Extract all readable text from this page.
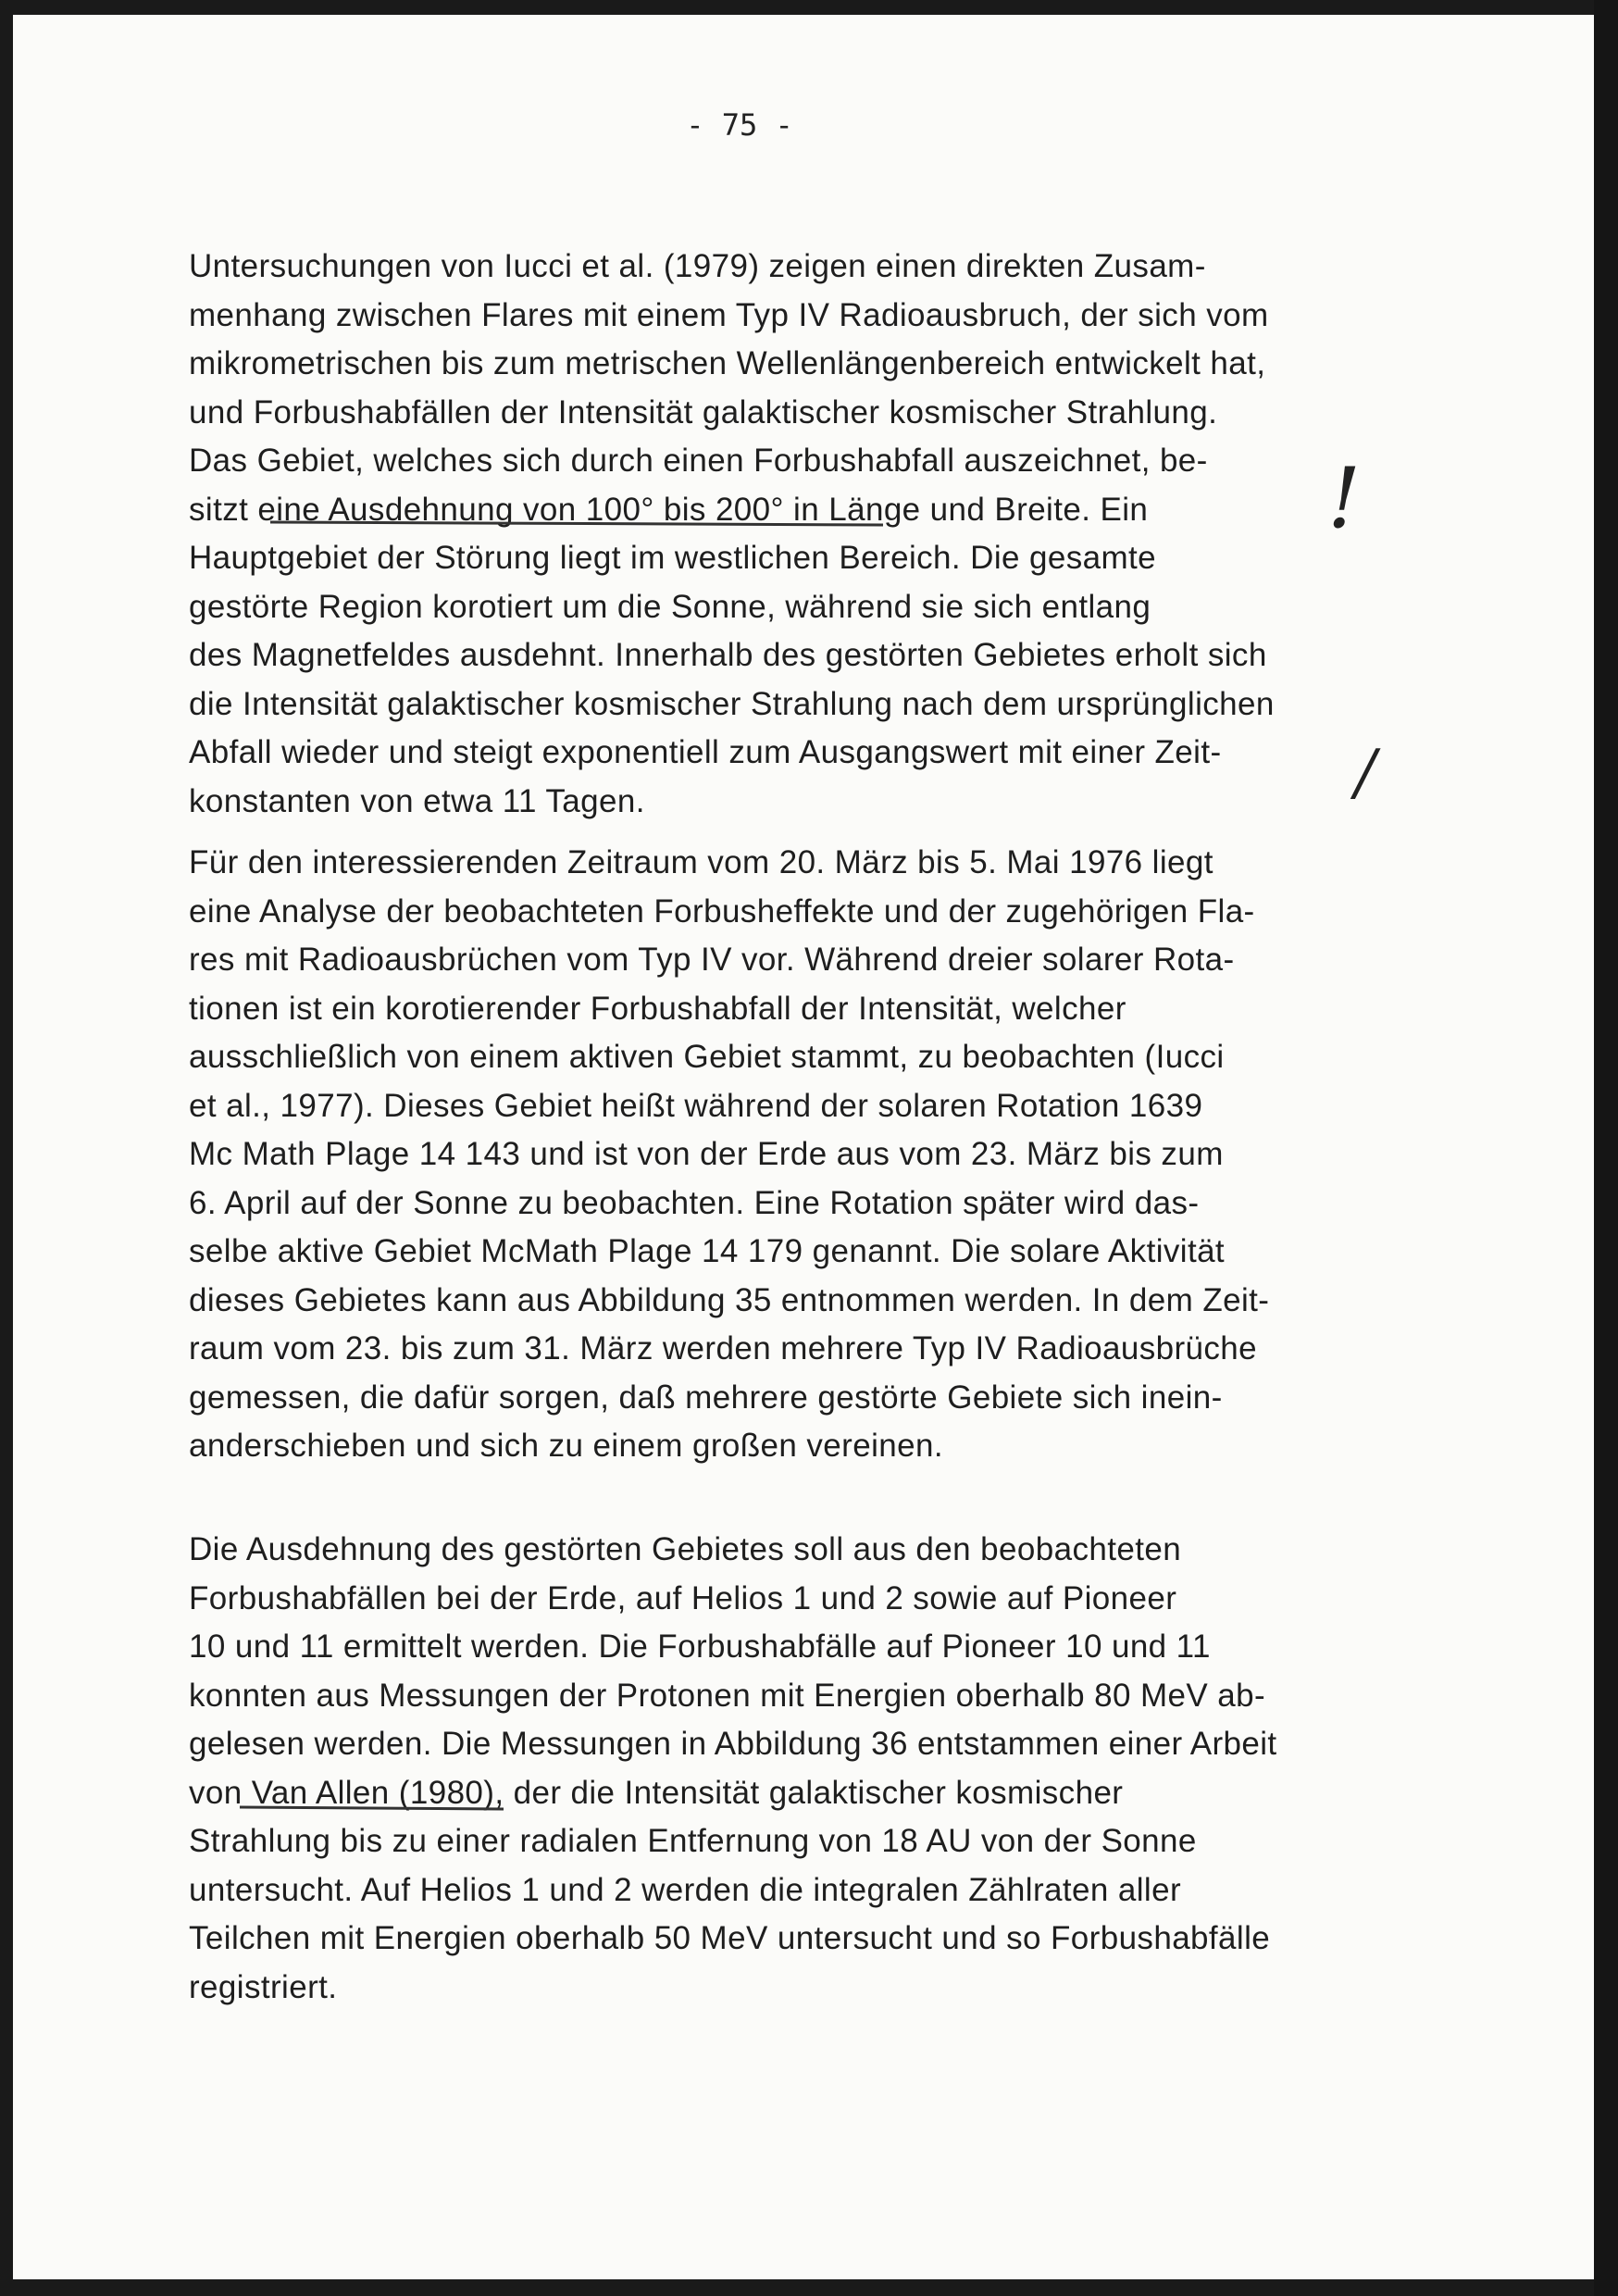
- 75 -
Untersuchungen von Iucci et al. (1979) zeigen einen direkten Zusam-
menhang zwischen Flares mit einem Typ IV Radioausbruch, der sich vom
mikrometrischen bis zum metrischen Wellenlängenbereich entwickelt hat,
und Forbushabfällen der Intensität galaktischer kosmischer Strahlung.
Das Gebiet, welches sich durch einen Forbushabfall auszeichnet, be-
sitzt eine Ausdehnung von 100° bis 200° in Länge und Breite. Ein
Hauptgebiet der Störung liegt im westlichen Bereich. Die gesamte
gestörte Region korotiert um die Sonne, während sie sich entlang
des Magnetfeldes ausdehnt. Innerhalb des gestörten Gebietes erholt sich
die Intensität galaktischer kosmischer Strahlung nach dem ursprünglichen
Abfall wieder und steigt exponentiell zum Ausgangswert mit einer Zeit-
konstanten von etwa 11 Tagen.
Für den interessierenden Zeitraum vom 20. März bis 5. Mai 1976 liegt
eine Analyse der beobachteten Forbusheffekte und der zugehörigen Fla-
res mit Radioausbrüchen vom Typ IV vor. Während dreier solarer Rota-
tionen ist ein korotierender Forbushabfall der Intensität, welcher
ausschließlich von einem aktiven Gebiet stammt, zu beobachten (Iucci
et al., 1977). Dieses Gebiet heißt während der solaren Rotation 1639
Mc Math Plage 14 143 und ist von der Erde aus vom 23. März bis zum
6. April auf der Sonne zu beobachten. Eine Rotation später wird das-
selbe aktive Gebiet McMath Plage 14 179 genannt. Die solare Aktivität
dieses Gebietes kann aus Abbildung 35 entnommen werden. In dem Zeit-
raum vom 23. bis zum 31. März werden mehrere Typ IV Radioausbrüche
gemessen, die dafür sorgen, daß mehrere gestörte Gebiete sich inein-
anderschieben und sich zu einem großen vereinen.
Die Ausdehnung des gestörten Gebietes soll aus den beobachteten
Forbushabfällen bei der Erde, auf Helios 1 und 2 sowie auf Pioneer
10 und 11 ermittelt werden. Die Forbushabfälle auf Pioneer 10 und 11
konnten aus Messungen der Protonen mit Energien oberhalb 80 MeV ab-
gelesen werden. Die Messungen in Abbildung 36 entstammen einer Arbeit
von Van Allen (1980), der die Intensität galaktischer kosmischer
Strahlung bis zu einer radialen Entfernung von 18 AU von der Sonne
untersucht. Auf Helios 1 und 2 werden die integralen Zählraten aller
Teilchen mit Energien oberhalb 50 MeV untersucht und so Forbushabfälle
registriert.
!
/
